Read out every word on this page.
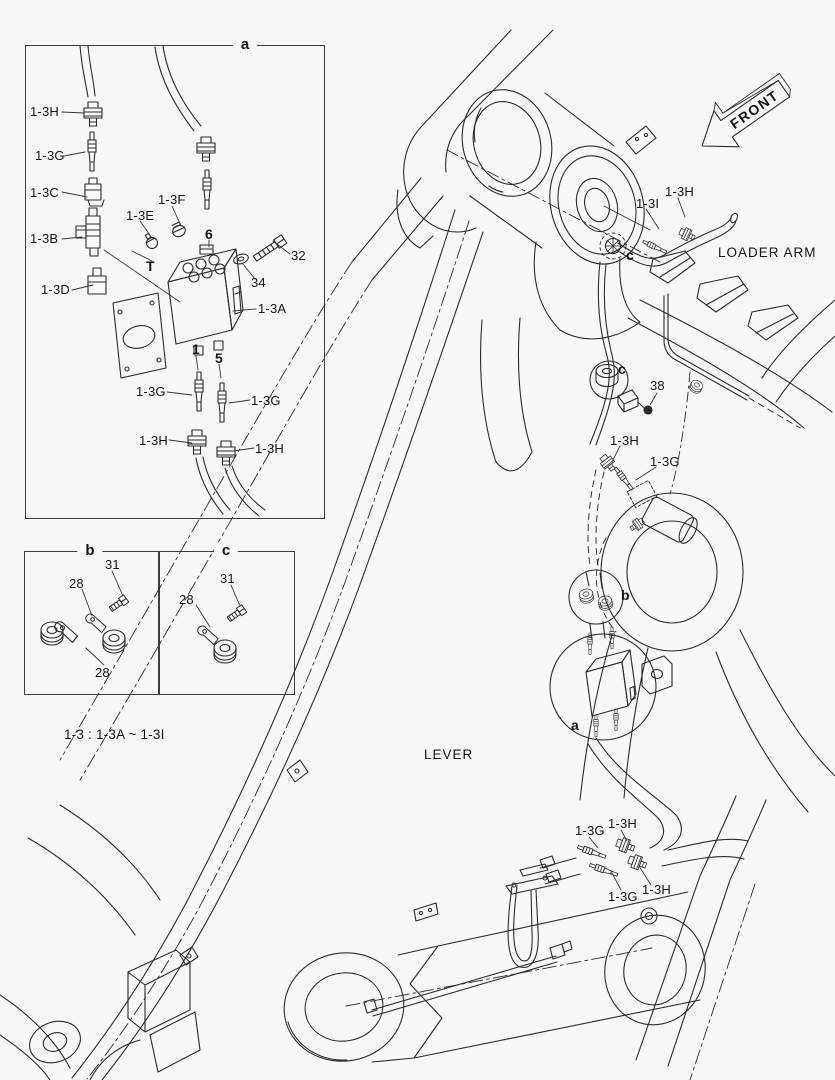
a
b	c
FRONT
1-3H
1-3G
1-3C
1-3B
1-3E
1-3F
1-3D
T
6
32
34
1-3A
1
5
1-3G
1-3G
1-3H
1-3H
31
28
28
31
28
LOADER ARM
LEVER
1-3I
1-3H
c
c
38
1-3H
1-3G
b
a
1-3G 1-3H
1-3G 1-3H
1-3 : 1-3A ~ 1-3I
